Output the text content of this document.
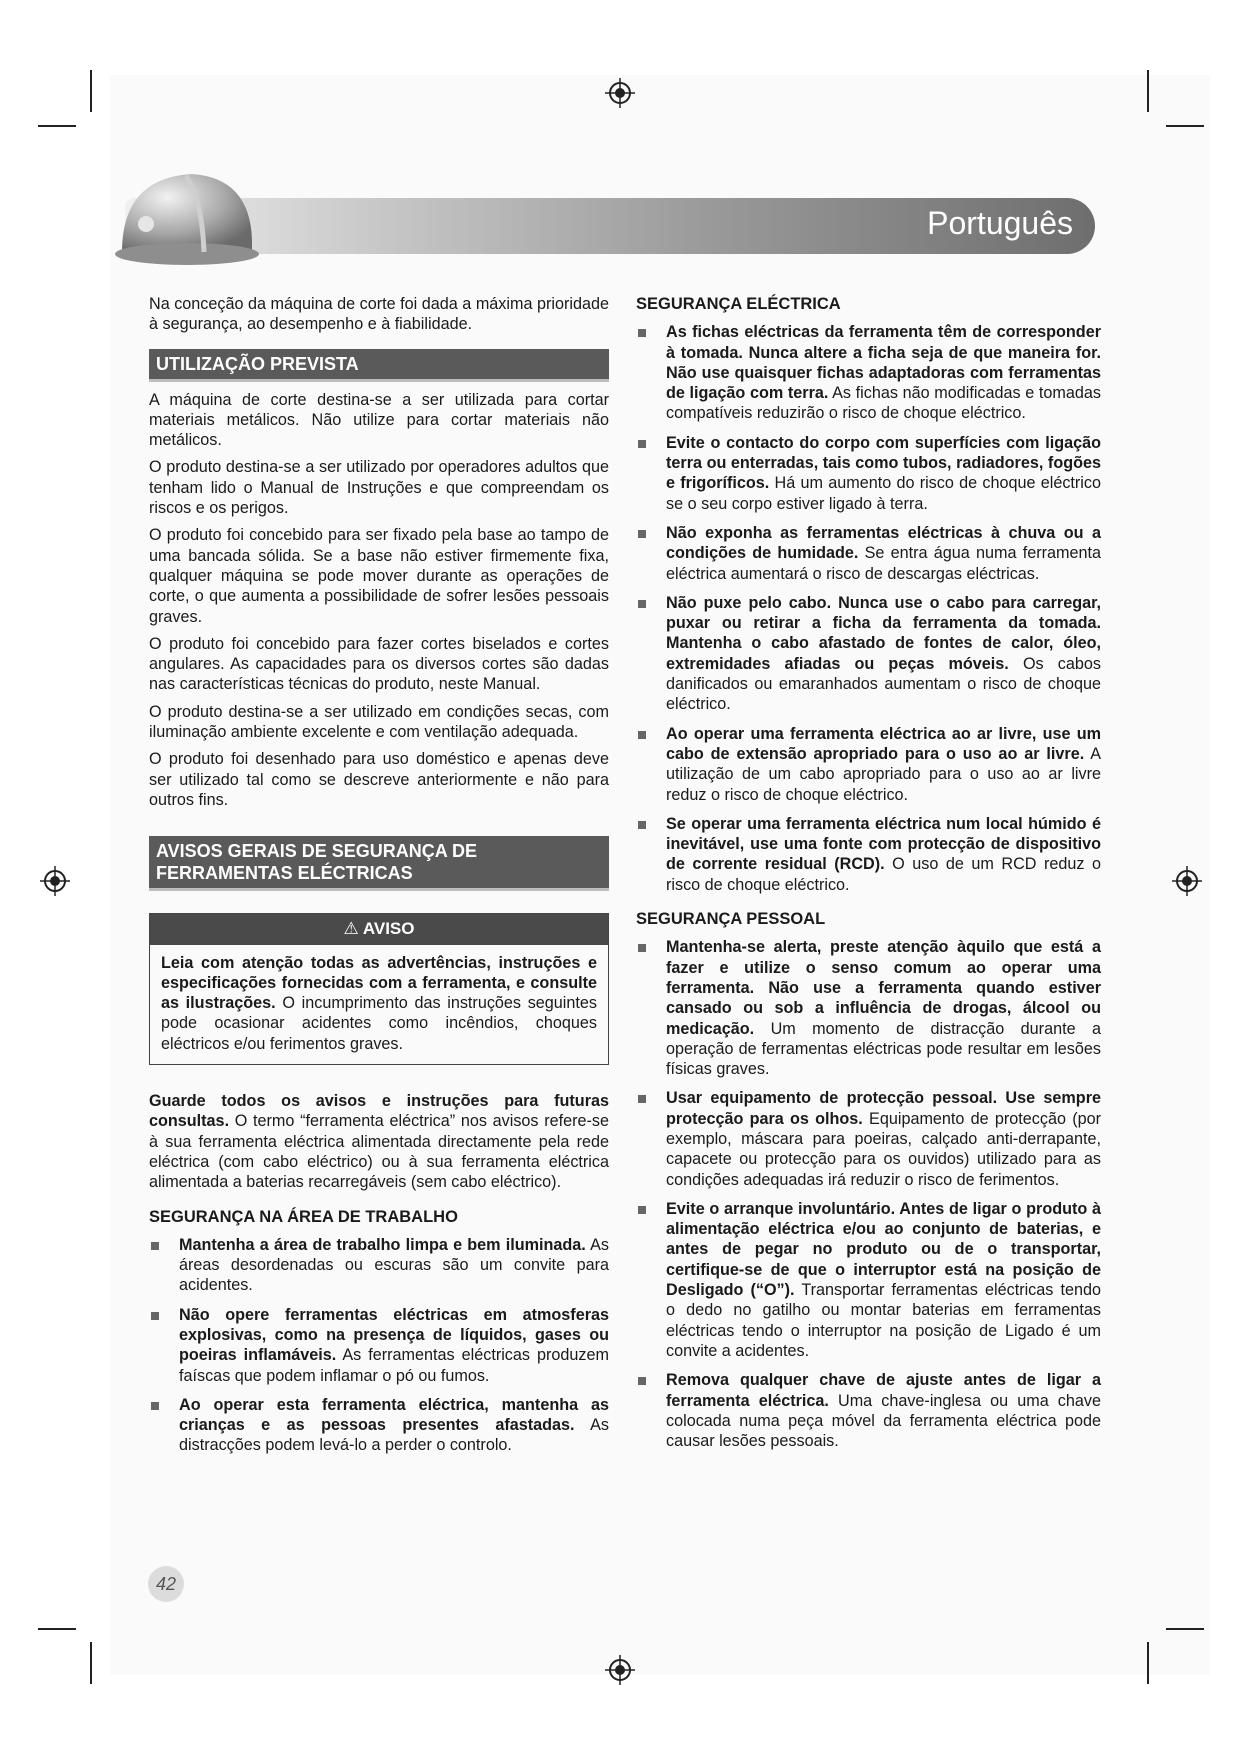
Português

Na conceção da máquina de corte foi dada a máxima prioridade à segurança, ao desempenho e à fiabilidade.

UTILIZAÇÃO PREVISTA

A máquina de corte destina-se a ser utilizada para cortar materiais metálicos. Não utilize para cortar materiais não metálicos.

O produto destina-se a ser utilizado por operadores adultos que tenham lido o Manual de Instruções e que compreendam os riscos e os perigos.

O produto foi concebido para ser fixado pela base ao tampo de uma bancada sólida. Se a base não estiver firmemente fixa, qualquer máquina se pode mover durante as operações de corte, o que aumenta a possibilidade de sofrer lesões pessoais graves.

O produto foi concebido para fazer cortes biselados e cortes angulares. As capacidades para os diversos cortes são dadas nas características técnicas do produto, neste Manual.

O produto destina-se a ser utilizado em condições secas, com iluminação ambiente excelente e com ventilação adequada.

O produto foi desenhado para uso doméstico e apenas deve ser utilizado tal como se descreve anteriormente e não para outros fins.

AVISOS GERAIS DE SEGURANÇA DE
FERRAMENTAS ELÉCTRICAS
⚠ AVISO
Leia com atenção todas as advertências, instruções e especificações fornecidas com a ferramenta, e consulte as ilustrações. O incumprimento das instruções seguintes pode ocasionar acidentes como incêndios, choques eléctricos e/ou ferimentos graves.

Guarde todos os avisos e instruções para futuras consultas. O termo “ferramenta eléctrica” nos avisos refere-se à sua ferramenta eléctrica alimentada directamente pela rede eléctrica (com cabo eléctrico) ou à sua ferramenta eléctrica alimentada a baterias recarregáveis (sem cabo eléctrico).

SEGURANÇA NA ÁREA DE TRABALHO
Mantenha a área de trabalho limpa e bem iluminada. As áreas desordenadas ou escuras são um convite para acidentes.
Não opere ferramentas eléctricas em atmosferas explosivas, como na presença de líquidos, gases ou poeiras inflamáveis. As ferramentas eléctricas produzem faíscas que podem inflamar o pó ou fumos.
Ao operar esta ferramenta eléctrica, mantenha as crianças e as pessoas presentes afastadas. As distracções podem levá-lo a perder o controlo.
SEGURANÇA ELÉCTRICA
As fichas eléctricas da ferramenta têm de corresponder à tomada. Nunca altere a ficha seja de que maneira for. Não use quaisquer fichas adaptadoras com ferramentas de ligação com terra. As fichas não modificadas e tomadas compatíveis reduzirão o risco de choque eléctrico.
Evite o contacto do corpo com superfícies com ligação terra ou enterradas, tais como tubos, radiadores, fogões e frigoríficos. Há um aumento do risco de choque eléctrico se o seu corpo estiver ligado à terra.
Não exponha as ferramentas eléctricas à chuva ou a condições de humidade. Se entra água numa ferramenta eléctrica aumentará o risco de descargas eléctricas.
Não puxe pelo cabo. Nunca use o cabo para carregar, puxar ou retirar a ficha da ferramenta da tomada. Mantenha o cabo afastado de fontes de calor, óleo, extremidades afiadas ou peças móveis. Os cabos danificados ou emaranhados aumentam o risco de choque eléctrico.
Ao operar uma ferramenta eléctrica ao ar livre, use um cabo de extensão apropriado para o uso ao ar livre. A utilização de um cabo apropriado para o uso ao ar livre reduz o risco de choque eléctrico.
Se operar uma ferramenta eléctrica num local húmido é inevitável, use uma fonte com protecção de dispositivo de corrente residual (RCD). O uso de um RCD reduz o risco de choque eléctrico.
SEGURANÇA PESSOAL
Mantenha-se alerta, preste atenção àquilo que está a fazer e utilize o senso comum ao operar uma ferramenta. Não use a ferramenta quando estiver cansado ou sob a influência de drogas, álcool ou medicação. Um momento de distracção durante a operação de ferramentas eléctricas pode resultar em lesões físicas graves.
Usar equipamento de protecção pessoal. Use sempre protecção para os olhos. Equipamento de protecção (por exemplo, máscara para poeiras, calçado anti-derrapante, capacete ou protecção para os ouvidos) utilizado para as condições adequadas irá reduzir o risco de ferimentos.
Evite o arranque involuntário. Antes de ligar o produto à alimentação eléctrica e/ou ao conjunto de baterias, e antes de pegar no produto ou de o transportar, certifique-se de que o interruptor está na posição de Desligado (“O”). Transportar ferramentas eléctricas tendo o dedo no gatilho ou montar baterias em ferramentas eléctricas tendo o interruptor na posição de Ligado é um convite a acidentes.
Remova qualquer chave de ajuste antes de ligar a ferramenta eléctrica. Uma chave-inglesa ou uma chave colocada numa peça móvel da ferramenta eléctrica pode causar lesões pessoais.
42
